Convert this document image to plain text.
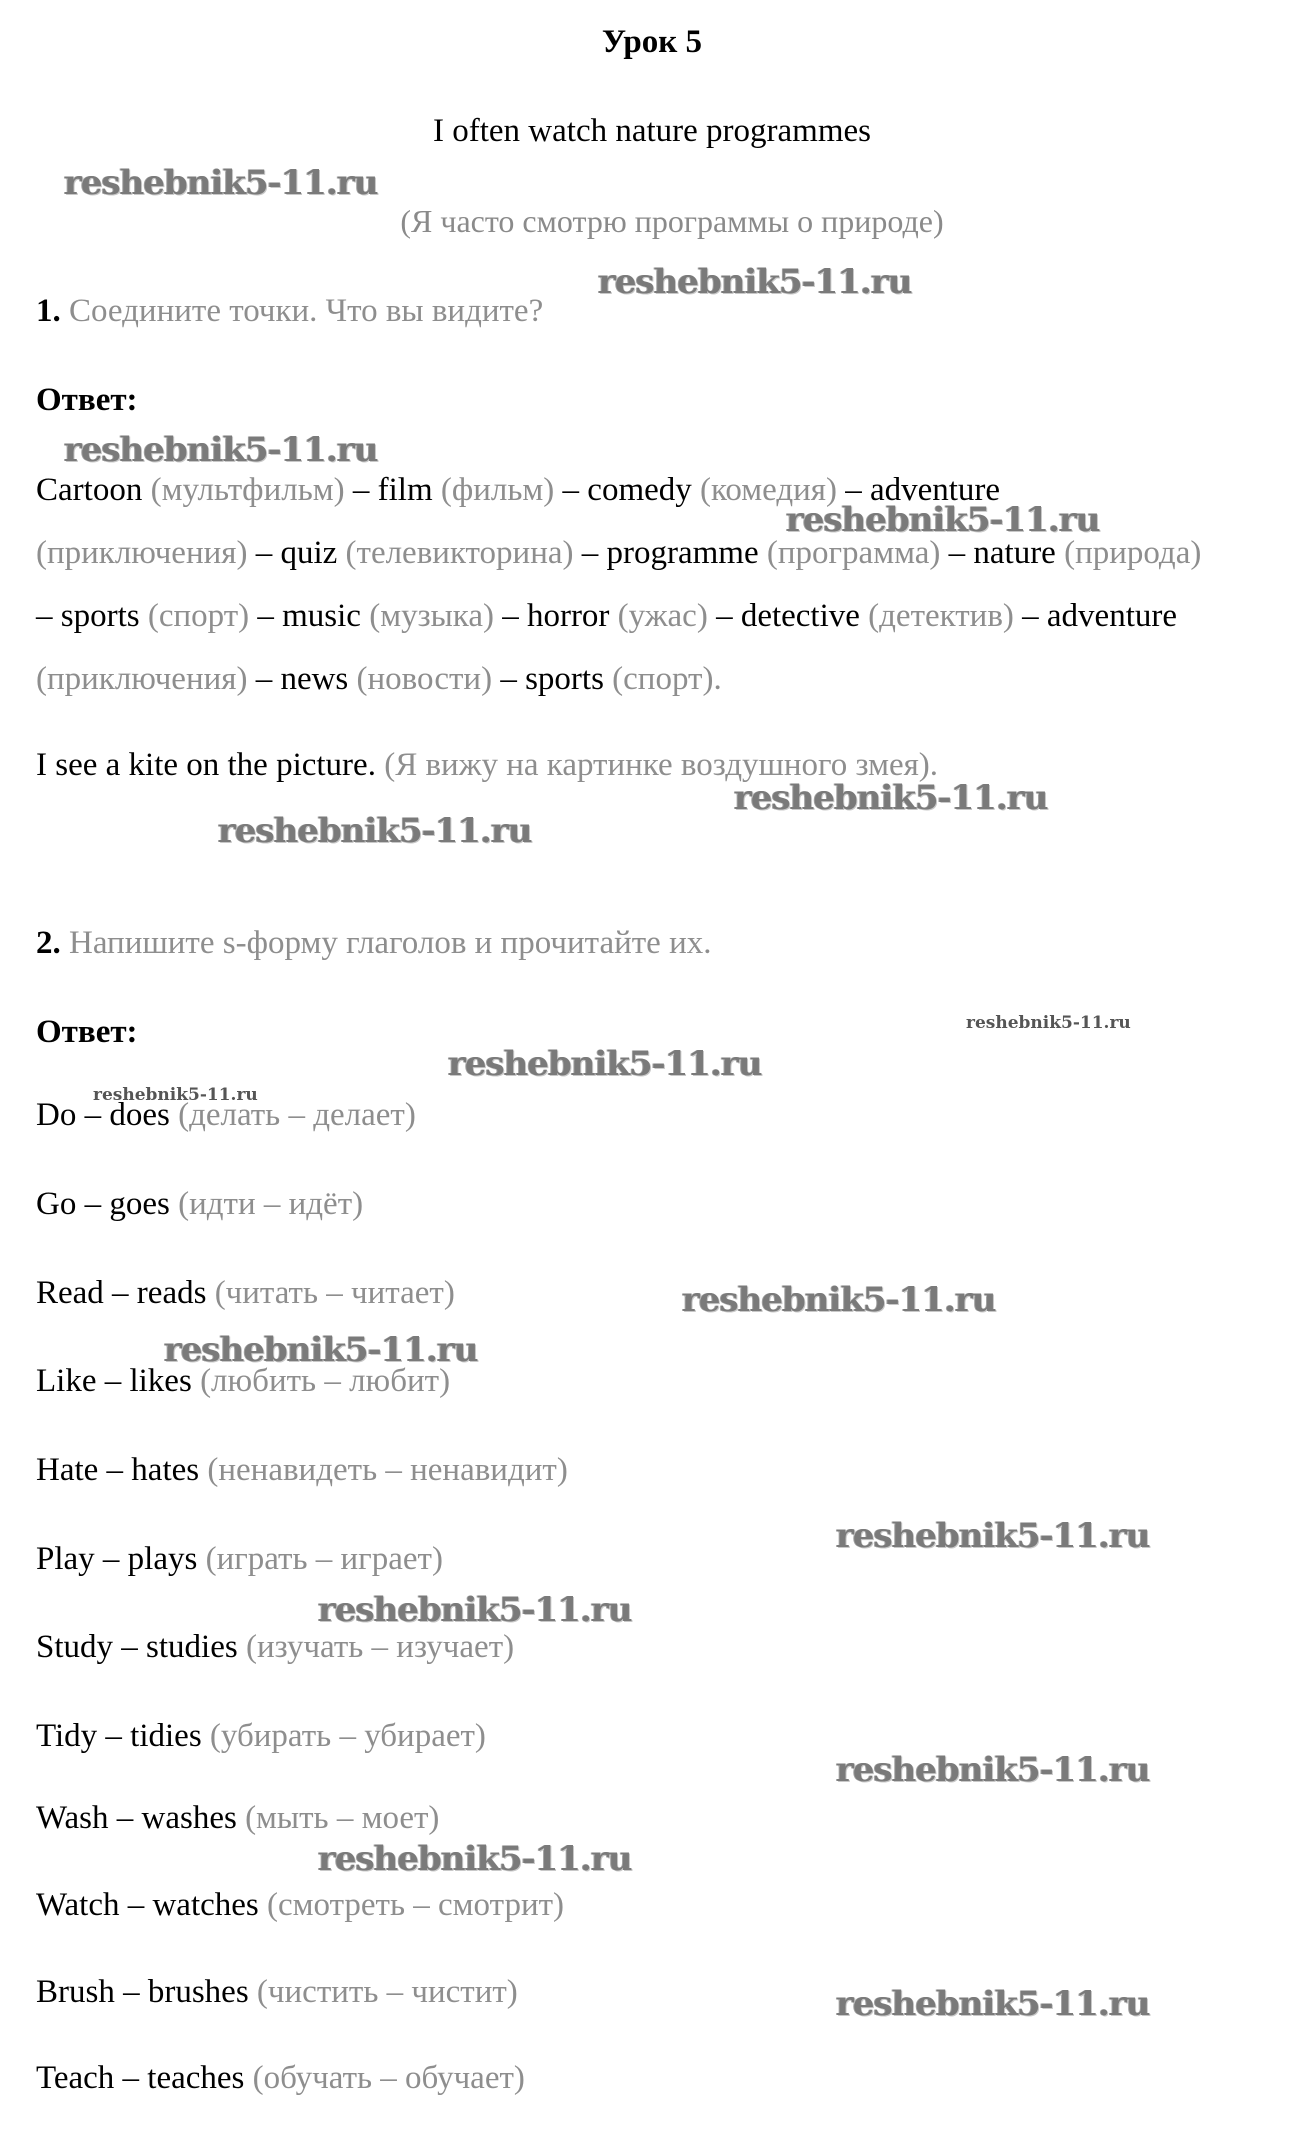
Урок 5
I often watch nature programmes
(Я часто смотрю программы о природе)
1. Соедините точки. Что вы видите?
Ответ:
Cartoon (мультфильм) – film (фильм) – comedy (комедия) – adventure (приключения) – quiz (телевикторина) – programme (программа) – nature (природа) – sports (спорт) – music (музыка) – horror (ужас) – detective (детектив) – adventure (приключения) – news (новости) – sports (спорт).
I see a kite on the picture. (Я вижу на картинке воздушного змея).
2. Напишите s-форму глаголов и прочитайте их.
Ответ:
Do – does (делать – делает)
Go – goes (идти – идёт)
Read – reads (читать – читает)
Like – likes (любить – любит)
Hate – hates (ненавидеть – ненавидит)
Play – plays (играть – играет)
Study – studies (изучать – изучает)
Tidy – tidies (убирать – убирает)
Wash – washes (мыть – моет)
Watch – watches (смотреть – смотрит)
Brush – brushes (чистить – чистит)
Teach – teaches (обучать – обучает)
reshebnik5-11.ru
reshebnik5-11.ru
reshebnik5-11.ru
reshebnik5-11.ru
reshebnik5-11.ru
reshebnik5-11.ru
reshebnik5-11.ru
reshebnik5-11.ru
reshebnik5-11.ru
reshebnik5-11.ru
reshebnik5-11.ru
reshebnik5-11.ru
reshebnik5-11.ru
reshebnik5-11.ru
reshebnik5-11.ru
reshebnik5-11.ru
